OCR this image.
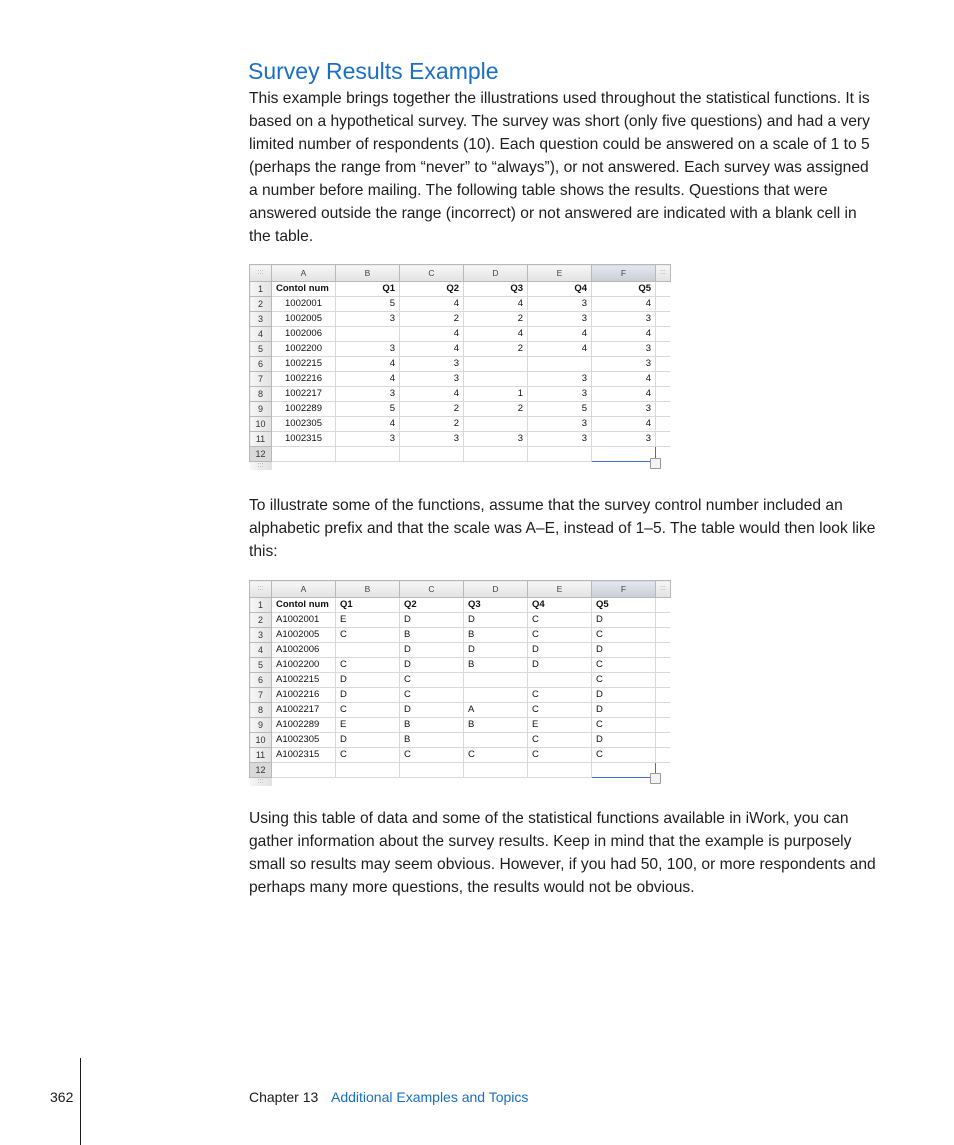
Survey Results Example

This example brings together the illustrations used throughout the statistical functions. It is based on a hypothetical survey. The survey was short (only five questions) and had a very limited number of respondents (10). Each question could be answered on a scale of 1 to 5 (perhaps the range from “never” to “always”), or not answered. Each survey was assigned a number before mailing. The following table shows the results. Questions that were answered outside the range (incorrect) or not answered are indicated with a blank cell in the table.

:::	A	B	C	D	E	F	:::
1	Contol num	Q1	Q2	Q3	Q4	Q5	
2	1002001	5	4	4	3	4	
3	1002005	3	2	2	3	3	
4	1002006		4	4	4	4	
5	1002200	3	4	2	4	3	
6	1002215	4	3			3	
7	1002216	4	3		3	4	
8	1002217	3	4	1	3	4	
9	1002289	5	2	2	5	3	
10	1002305	4	2		3	4	
11	1002315	3	3	3	3	3	
12							
:::							

To illustrate some of the functions, assume that the survey control number included an alphabetic prefix and that the scale was A–E, instead of 1–5. The table would then look like this:

:::	A	B	C	D	E	F	:::
1	Contol num	Q1	Q2	Q3	Q4	Q5	
2	A1002001	E	D	D	C	D	
3	A1002005	C	B	B	C	C	
4	A1002006		D	D	D	D	
5	A1002200	C	D	B	D	C	
6	A1002215	D	C			C	
7	A1002216	D	C		C	D	
8	A1002217	C	D	A	C	D	
9	A1002289	E	B	B	E	C	
10	A1002305	D	B		C	D	
11	A1002315	C	C	C	C	C	
12							
:::							

Using this table of data and some of the statistical functions available in iWork, you can gather information about the survey results. Keep in mind that the example is purposely small so results may seem obvious. However, if you had 50, 100, or more respondents and perhaps many more questions, the results would not be obvious.

362	Chapter 13 Additional Examples and Topics
